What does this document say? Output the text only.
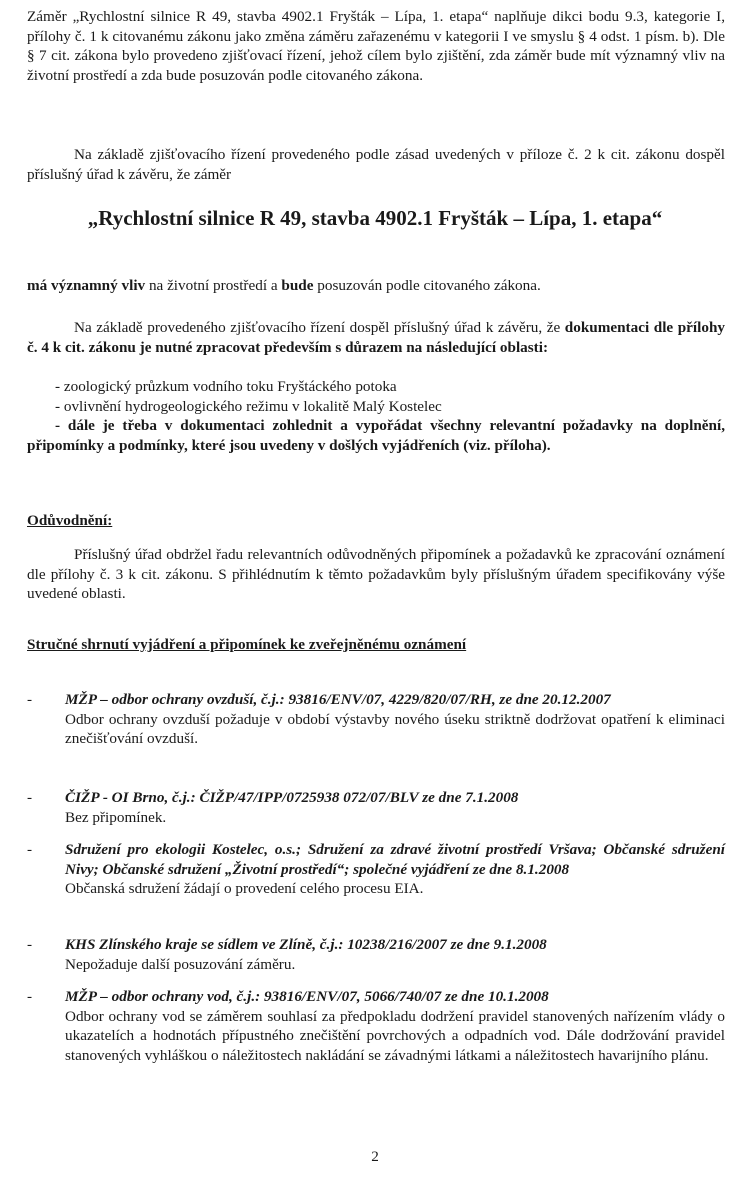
Záměr „Rychlostní silnice R 49, stavba 4902.1 Fryšták – Lípa, 1. etapa“ naplňuje dikci bodu 9.3, kategorie I, přílohy č. 1 k citovanému zákonu jako změna záměru zařazenému v kategorii I ve smyslu § 4 odst. 1 písm. b). Dle § 7 cit. zákona bylo provedeno zjišťovací řízení, jehož cílem bylo zjištění, zda záměr bude mít významný vliv na životní prostředí a zda bude posuzován podle citovaného zákona.

Na základě zjišťovacího řízení provedeného podle zásad uvedených v příloze č. 2 k cit. zákonu dospěl příslušný úřad k závěru, že záměr

„Rychlostní silnice R 49, stavba 4902.1 Fryšták – Lípa, 1. etapa“

má významný vliv na životní prostředí a bude posuzován podle citovaného zákona.

Na základě provedeného zjišťovacího řízení dospěl příslušný úřad k závěru, že dokumentaci dle přílohy č. 4 k cit. zákonu je nutné zpracovat především s důrazem na následující oblasti:

- zoologický průzkum vodního toku Fryštáckého potoka
- ovlivnění hydrogeologického režimu v lokalitě Malý Kostelec

- dále je třeba v dokumentaci zohlednit a vypořádat všechny relevantní požadavky na doplnění, připomínky a podmínky, které jsou uvedeny v došlých vyjádřeních (viz. příloha).

Odůvodnění:

Příslušný úřad obdržel řadu relevantních odůvodněných připomínek a požadavků ke zpracování oznámení dle přílohy č. 3 k cit. zákonu. S přihlédnutím k těmto požadavkům byly příslušným úřadem specifikovány výše uvedené oblasti.

Stručné shrnutí vyjádření a připomínek ke zveřejněnému oznámení

-	MŽP – odbor ochrany ovzduší, č.j.: 93816/ENV/07, 4229/820/07/RH, ze dne 20.12.2007
Odbor ochrany ovzduší požaduje v období výstavby nového úseku striktně dodržovat opatření k eliminaci znečišťování ovzduší.
-	ČIŽP - OI Brno, č.j.: ČIŽP/47/IPP/0725938 072/07/BLV ze dne 7.1.2008
Bez připomínek.
-	Sdružení pro ekologii Kostelec, o.s.; Sdružení za zdravé životní prostředí Vršava; Občanské sdružení Nivy; Občanské sdružení „Životní prostředí“; společné vyjádření ze dne 8.1.2008
Občanská sdružení žádají o provedení celého procesu EIA.
-	KHS Zlínského kraje se sídlem ve Zlíně, č.j.: 10238/216/2007 ze dne 9.1.2008
Nepožaduje další posuzování záměru.
-	MŽP – odbor ochrany vod, č.j.: 93816/ENV/07, 5066/740/07 ze dne 10.1.2008
Odbor ochrany vod se záměrem souhlasí za předpokladu dodržení pravidel stanovených nařízením vlády o ukazatelích a hodnotách přípustného znečištění povrchových a odpadních vod. Dále dodržování pravidel stanovených vyhláškou o náležitostech nakládání se závadnými látkami a náležitostech havarijního plánu.
2
